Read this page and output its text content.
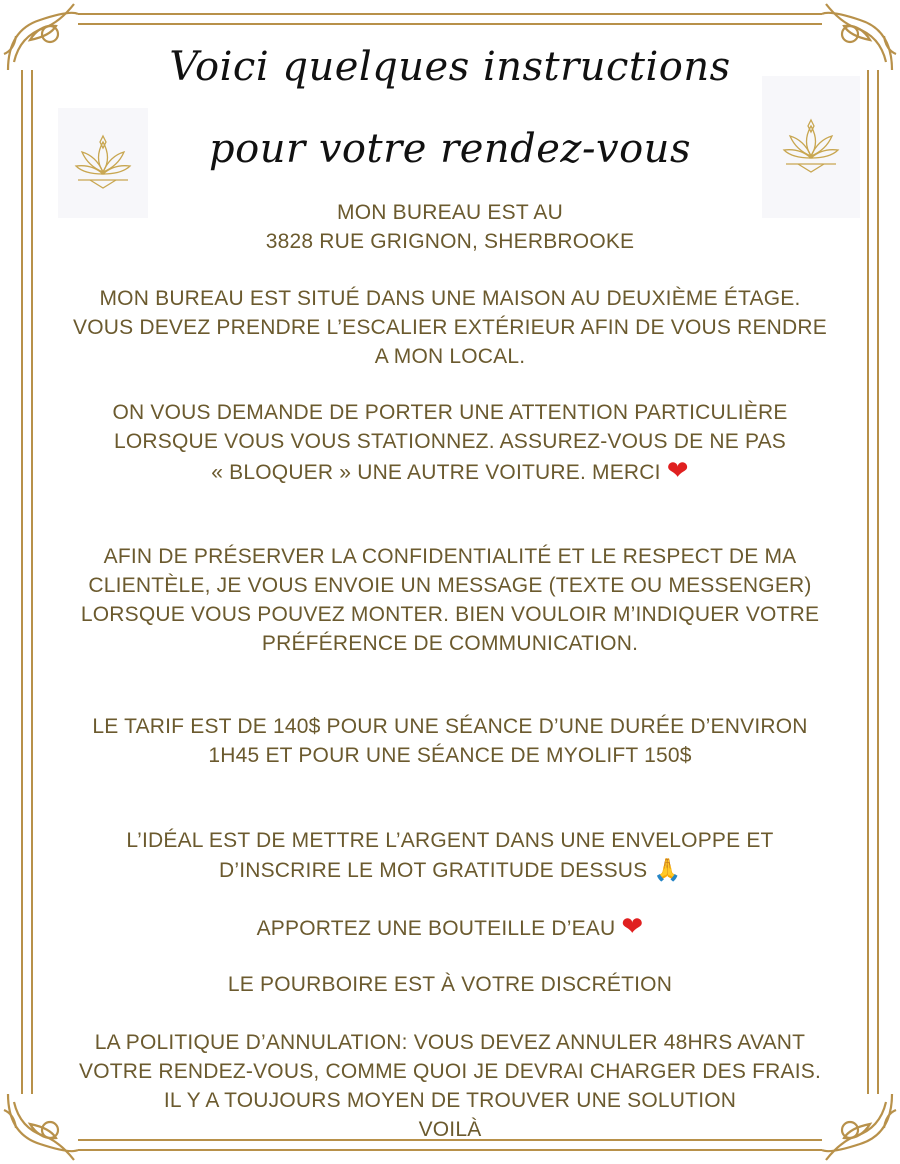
Voici quelques instructions
pour votre rendez-vous
MON BUREAU EST AU
3828 RUE GRIGNON, SHERBROOKE
MON BUREAU EST SITUÉ DANS UNE MAISON AU DEUXIÈME ÉTAGE.
VOUS DEVEZ PRENDRE L’ESCALIER EXTÉRIEUR AFIN DE VOUS RENDRE
A MON LOCAL.
ON VOUS DEMANDE DE PORTER UNE ATTENTION PARTICULIÈRE
LORSQUE VOUS VOUS STATIONNEZ. ASSUREZ-VOUS DE NE PAS
« BLOQUER » UNE AUTRE VOITURE. MERCI ❤
AFIN DE PRÉSERVER LA CONFIDENTIALITÉ ET LE RESPECT DE MA
CLIENTÈLE, JE VOUS ENVOIE UN MESSAGE (TEXTE OU MESSENGER)
LORSQUE VOUS POUVEZ MONTER. BIEN VOULOIR M’INDIQUER VOTRE
PRÉFÉRENCE DE COMMUNICATION.
LE TARIF EST DE 140$ POUR UNE SÉANCE D’UNE DURÉE D’ENVIRON
1H45 ET POUR UNE SÉANCE DE MYOLIFT 150$
L’IDÉAL EST DE METTRE L’ARGENT DANS UNE ENVELOPPE ET
D’INSCRIRE LE MOT GRATITUDE DESSUS 🙏
APPORTEZ UNE BOUTEILLE D’EAU ❤
LE POURBOIRE EST À VOTRE DISCRÉTION
LA POLITIQUE D’ANNULATION: VOUS DEVEZ ANNULER 48HRS AVANT
VOTRE RENDEZ-VOUS, COMME QUOI JE DEVRAI CHARGER DES FRAIS.
IL Y A TOUJOURS MOYEN DE TROUVER UNE SOLUTION
VOILÀ
